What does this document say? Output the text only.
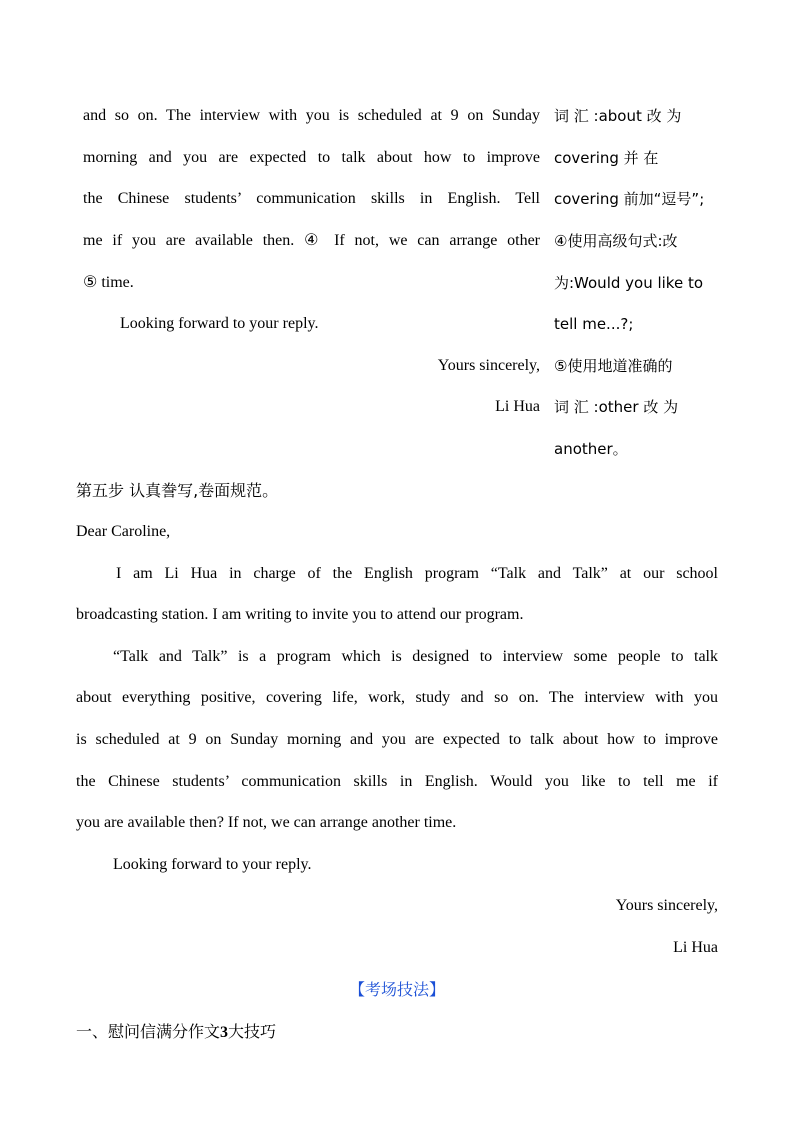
and so on. The interview with you is scheduled at 9 on Sunday
morning and you are expected to talk about how to improve
the Chinese students’ communication skills in English. Tell
me if you are available then. ④ If not, we can arrange other
⑤ time.
Looking forward to your reply.
Yours sincerely,
Li Hua
词 汇 :about 改 为
covering 并 在
covering 前加“逗号”;
④使用高级句式:改
为:Would you like to
tell me...?;
⑤使用地道准确的
词 汇 :other 改 为
another。
第五步 认真誊写,卷面规范。
Dear Caroline,
I am Li Hua in charge of the English program “Talk and Talk” at our school
broadcasting station. I am writing to invite you to attend our program.
“Talk and Talk” is a program which is designed to interview some people to talk
about everything positive, covering life, work, study and so on. The interview with you
is scheduled at 9 on Sunday morning and you are expected to talk about how to improve
the Chinese students’ communication skills in English. Would you like to tell me if
you are available then? If not, we can arrange another time.
Looking forward to your reply.
Yours sincerely,
Li Hua
【考场技法】
一、慰问信满分作文3大技巧
